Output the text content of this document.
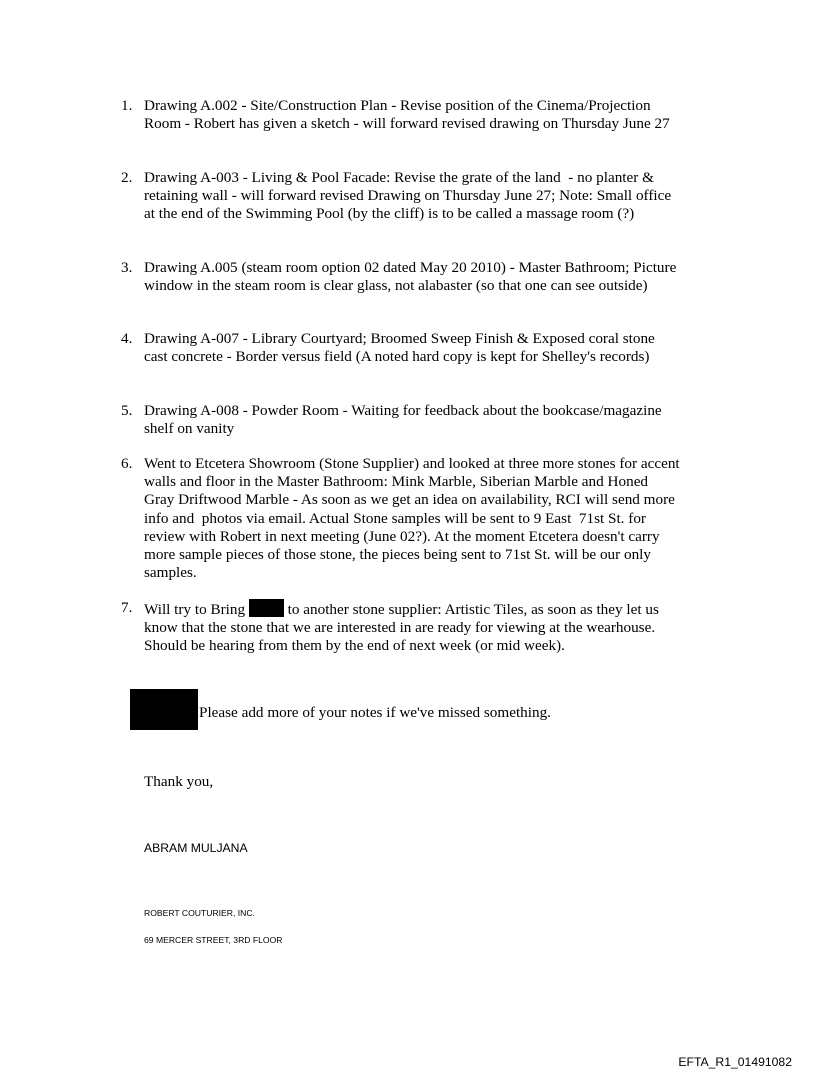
1. Drawing A.002 - Site/Construction Plan - Revise position of the Cinema/Projection Room - Robert has given a sketch - will forward revised drawing on Thursday June 27
2. Drawing A-003 - Living & Pool Facade: Revise the grate of the land  - no planter & retaining wall - will forward revised Drawing on Thursday June 27; Note: Small office at the end of the Swimming Pool (by the cliff) is to be called a massage room (?)
3. Drawing A.005 (steam room option 02 dated May 20 2010) - Master Bathroom; Picture window in the steam room is clear glass, not alabaster (so that one can see outside)
4. Drawing A-007 - Library Courtyard; Broomed Sweep Finish & Exposed coral stone cast concrete - Border versus field (A noted hard copy is kept for Shelley's records)
5. Drawing A-008 - Powder Room - Waiting for feedback about the bookcase/magazine shelf on vanity
6. Went to Etcetera Showroom (Stone Supplier) and looked at three more stones for accent walls and floor in the Master Bathroom: Mink Marble, Siberian Marble and Honed Gray Driftwood Marble - As soon as we get an idea on availability, RCI will send more info and  photos via email. Actual Stone samples will be sent to 9 East  71st St. for review with Robert in next meeting (June 02?). At the moment Etcetera doesn't carry more sample pieces of those stone, the pieces being sent to 71st St. will be our only samples.
7. Will try to Bring  to another stone supplier: Artistic Tiles, as soon as they let us know that the stone that we are interested in are ready for viewing at the wearhouse. Should be hearing from them by the end of next week (or mid week).
Please add more of your notes if we've missed something.
Thank you,
ABRAM MULJANA
ROBERT COUTURIER, INC.
69 MERCER STREET, 3RD FLOOR
EFTA_R1_01491082
